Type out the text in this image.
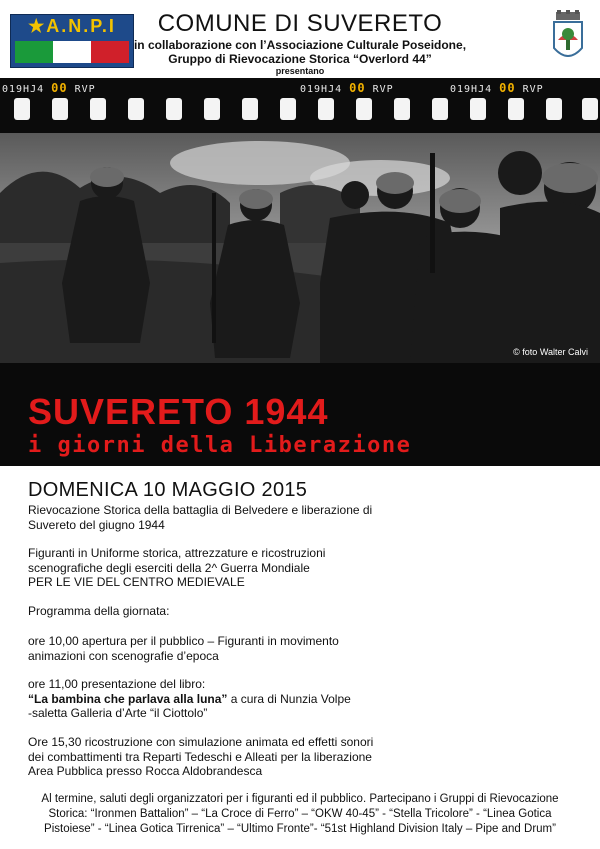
★ A.N.P.I	COMUNE DI SUVERETO
in collaborazione con l’Associazione Culturale Poseidone,
Gruppo di Rievocazione Storica “Overlord 44”
presentano
019HJ4 00 RVP	019HJ4 00 RVP	019HJ4 00 RVP
© foto Walter Calvi
SUVERETO 1944
i giorni della Liberazione
DOMENICA 10 MAGGIO 2015
Rievocazione Storica della battaglia di Belvedere e liberazione di
Suvereto del giugno 1944
Figuranti in Uniforme storica, attrezzature e ricostruzioni
scenografiche degli eserciti della 2^ Guerra Mondiale
PER LE VIE DEL CENTRO MEDIEVALE
Programma della giornata:
ore 10,00 apertura per il pubblico – Figuranti in movimento
animazioni con scenografie d’epoca
ore 11,00 presentazione del libro:
“La bambina che parlava alla luna” a cura di Nunzia Volpe
-saletta Galleria d’Arte “il Ciottolo”
Ore 15,30 ricostruzione con simulazione animata ed effetti sonori
dei combattimenti tra Reparti Tedeschi e Alleati per la liberazione
Area Pubblica presso Rocca Aldobrandesca
Al termine, saluti degli organizzatori per i figuranti ed il pubblico. Partecipano i Gruppi di Rievocazione
Storica: “Ironmen Battalion” – “La Croce di Ferro” – “OKW 40-45” - “Stella Tricolore” - “Linea Gotica
Pistoiese” - “Linea Gotica Tirrenica” – “Ultimo Fronte”- “51st Highland Division Italy – Pipe and Drum”
